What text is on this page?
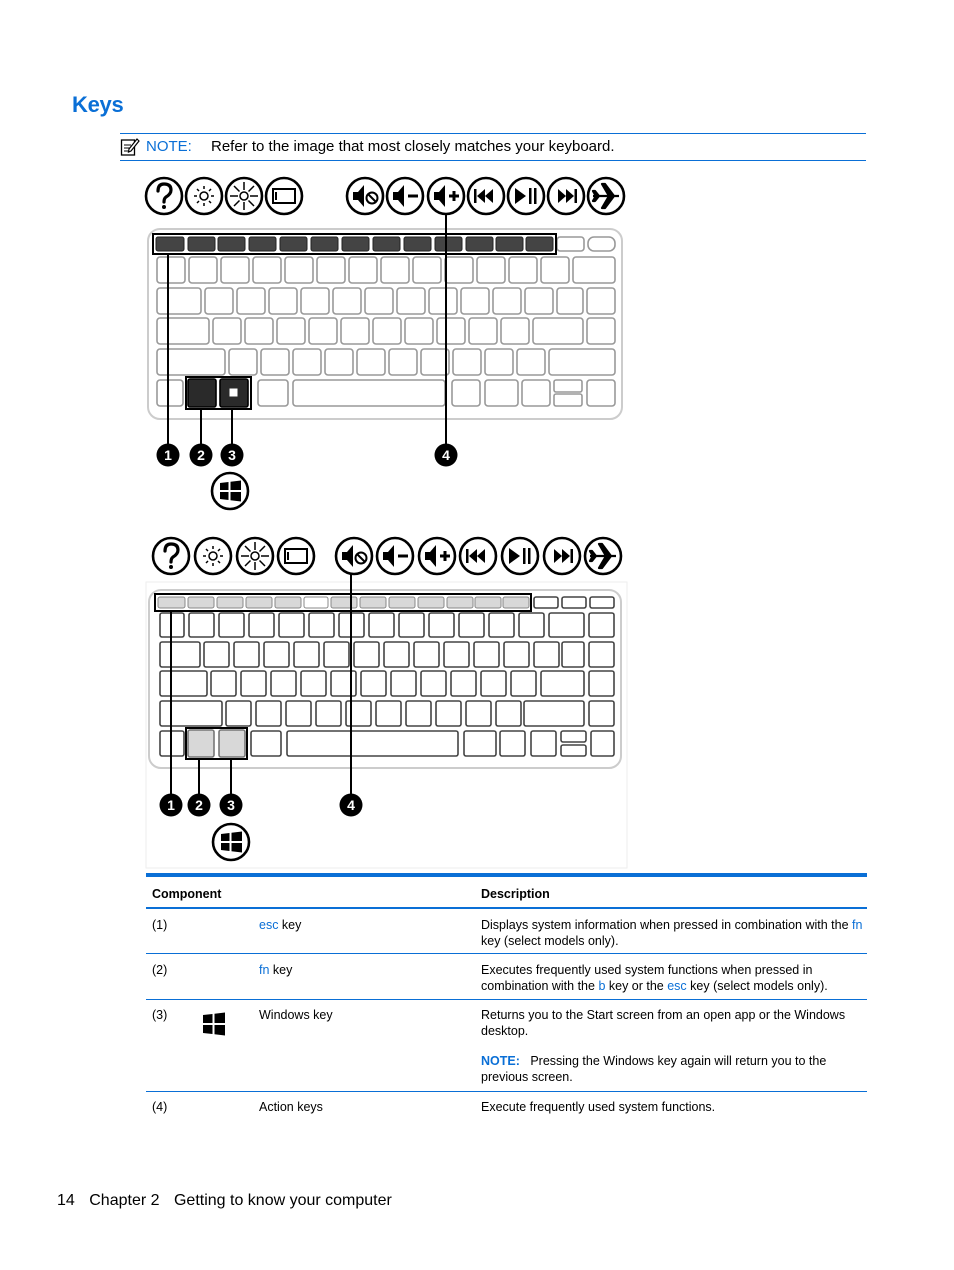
Keys
NOTE: Refer to the image that most closely matches your keyboard.
1 2 3	4
1 2 3	4
Component	Description
(1)	esc key	Displays system information when pressed in combination with the fn key (select models only).
(2)	fn key	Executes frequently used system functions when pressed in combination with the b key or the esc key (select models only).
(3)	Windows key	Returns you to the Start screen from an open app or the Windows desktop.
NOTE: Pressing the Windows key again will return you to the previous screen.
(4)	Action keys	Execute frequently used system functions.
14 Chapter 2 Getting to know your computer
